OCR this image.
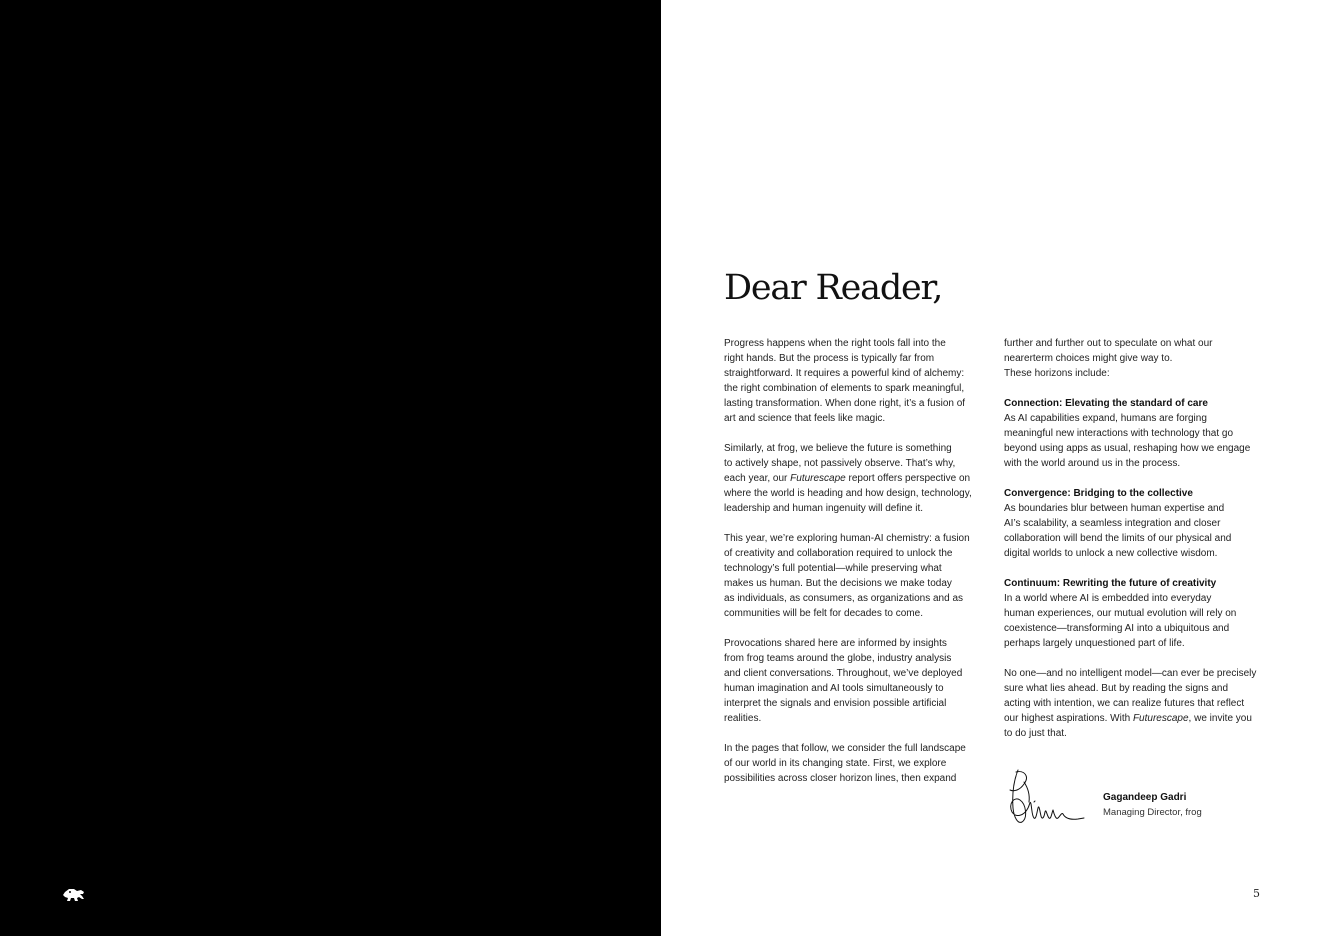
Dear Reader,

Progress happens when the right tools fall into the
right hands. But the process is typically far from
straightforward. It requires a powerful kind of alchemy:
the right combination of elements to spark meaningful,
lasting transformation. When done right, it’s a fusion of
art and science that feels like magic.

Similarly, at frog, we believe the future is something
to actively shape, not passively observe. That’s why,
each year, our Futurescape report offers perspective on
where the world is heading and how design, technology,
leadership and human ingenuity will define it.

This year, we’re exploring human-AI chemistry: a fusion
of creativity and collaboration required to unlock the
technology’s full potential—while preserving what
makes us human. But the decisions we make today
as individuals, as consumers, as organizations and as
communities will be felt for decades to come.

Provocations shared here are informed by insights
from frog teams around the globe, industry analysis
and client conversations. Throughout, we’ve deployed
human imagination and AI tools simultaneously to
interpret the signals and envision possible artificial
realities.

In the pages that follow, we consider the full landscape
of our world in its changing state. First, we explore
possibilities across closer horizon lines, then expand

further and further out to speculate on what our
nearerterm choices might give way to.
These horizons include:

Connection: Elevating the standard of care

As AI capabilities expand, humans are forging
meaningful new interactions with technology that go
beyond using apps as usual, reshaping how we engage
with the world around us in the process.

Convergence: Bridging to the collective

As boundaries blur between human expertise and
AI’s scalability, a seamless integration and closer
collaboration will bend the limits of our physical and
digital worlds to unlock a new collective wisdom.

Continuum: Rewriting the future of creativity

In a world where AI is embedded into everyday
human experiences, our mutual evolution will rely on
coexistence—transforming AI into a ubiquitous and
perhaps largely unquestioned part of life.

No one—and no intelligent model—can ever be precisely
sure what lies ahead. But by reading the signs and
acting with intention, we can realize futures that reflect
our highest aspirations. With Futurescape, we invite you
to do just that.

Gagandeep Gadri
Managing Director, frog
5
